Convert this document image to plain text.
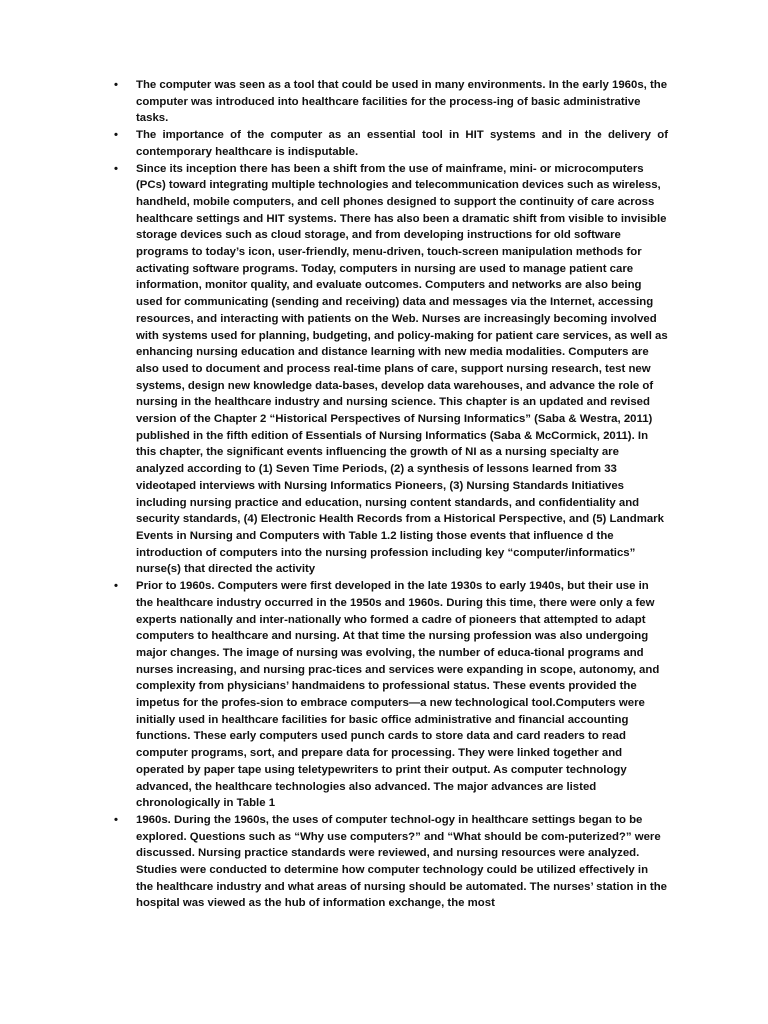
• The computer was seen as a tool that could be used in many environments. In the early 1960s, the computer was introduced into healthcare facilities for the process-ing of basic administrative tasks.
• The importance of the computer as an essential tool in HIT systems and in the delivery of contemporary healthcare is indisputable.
• Since its inception there has been a shift from the use of mainframe, mini- or microcomputers (PCs) toward integrating multiple technologies and telecommunication devices such as wireless, handheld, mobile computers, and cell phones designed to support the continuity of care across healthcare settings and HIT systems. There has also been a dramatic shift from visible to invisible storage devices such as cloud storage, and from developing instructions for old software programs to today’s icon, user-friendly, menu-driven, touch-screen manipulation methods for activating software programs. Today, computers in nursing are used to manage patient care information, monitor quality, and evaluate outcomes. Computers and networks are also being used for communicating (sending and receiving) data and messages via the Internet, accessing resources, and interacting with patients on the Web. Nurses are increasingly becoming involved with systems used for planning, budgeting, and policy-making for patient care services, as well as enhancing nursing education and distance learning with new media modalities. Computers are also used to document and process real-time plans of care, support nursing research, test new systems, design new knowledge data-bases, develop data warehouses, and advance the role of nursing in the healthcare industry and nursing science. This chapter is an updated and revised version of the Chapter 2 “Historical Perspectives of Nursing Informatics” (Saba & Westra, 2011) published in the fifth edition of Essentials of Nursing Informatics (Saba & McCormick, 2011). In this chapter, the significant events influencing the growth of NI as a nursing specialty are analyzed according to (1) Seven Time Periods, (2) a synthesis of lessons learned from 33 videotaped interviews with Nursing Informatics Pioneers, (3) Nursing Standards Initiatives including nursing practice and education, nursing content standards, and confidentiality and security standards, (4) Electronic Health Records from a Historical Perspective, and (5) Landmark Events in Nursing and Computers with Table 1.2 listing those events that influence d the introduction of computers into the nursing profession including key “computer/informatics” nurse(s) that directed the activity
• Prior to 1960s. Computers were first developed in the late 1930s to early 1940s, but their use in the healthcare industry occurred in the 1950s and 1960s. During this time, there were only a few experts nationally and inter-nationally who formed a cadre of pioneers that attempted to adapt computers to healthcare and nursing. At that time the nursing profession was also undergoing major changes. The image of nursing was evolving, the number of educa-tional programs and nurses increasing, and nursing prac-tices and services were expanding in scope, autonomy, and complexity from physicians’ handmaidens to professional status. These events provided the impetus for the profes-sion to embrace computers—a new technological tool.Computers were initially used in healthcare facilities for basic office administrative and financial accounting functions. These early computers used punch cards to store data and card readers to read computer programs, sort, and prepare data for processing. They were linked together and operated by paper tape using teletypewriters to print their output. As computer technology advanced, the healthcare technologies also advanced. The major advances are listed chronologically in Table 1
• 1960s. During the 1960s, the uses of computer technol-ogy in healthcare settings began to be explored. Questions such as “Why use computers?” and “What should be com-puterized?” were discussed. Nursing practice standards were reviewed, and nursing resources were analyzed. Studies were conducted to determine how computer technology could be utilized effectively in the healthcare industry and what areas of nursing should be automated. The nurses’ station in the hospital was viewed as the hub of information exchange, the most
